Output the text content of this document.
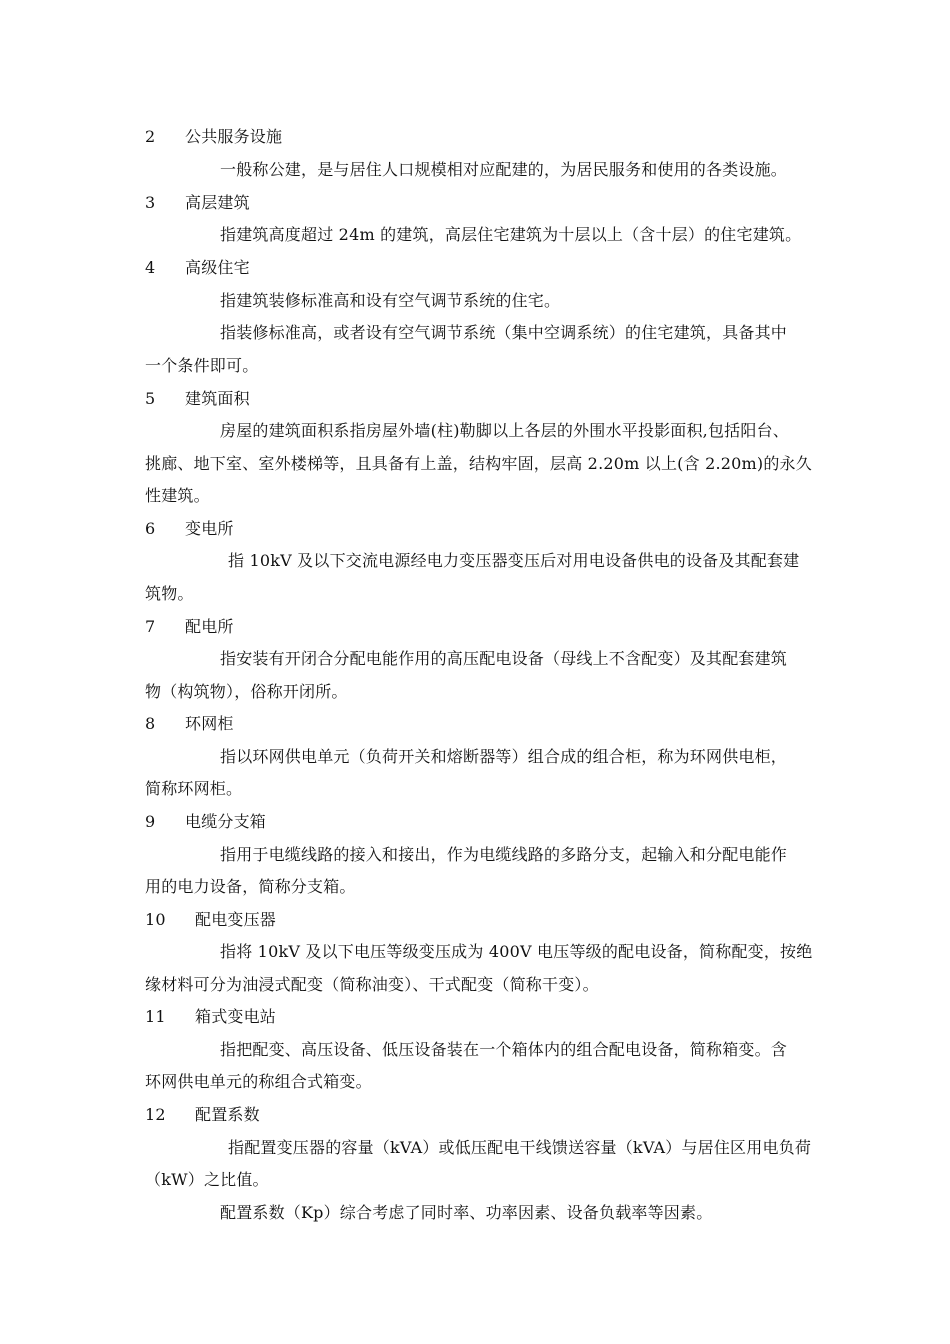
2 公共服务设施
一般称公建，是与居住人口规模相对应配建的，为居民服务和使用的各类设施。
3 高层建筑
指建筑高度超过 24m 的建筑，高层住宅建筑为十层以上（含十层）的住宅建筑。
4 高级住宅
指建筑装修标准高和设有空气调节系统的住宅。
指装修标准高，或者设有空气调节系统（集中空调系统）的住宅建筑，具备其中
一个条件即可。
5 建筑面积
房屋的建筑面积系指房屋外墙(柱)勒脚以上各层的外围水平投影面积,包括阳台、
挑廊、地下室、室外楼梯等，且具备有上盖，结构牢固，层高 2.20m 以上(含 2.20m)的永久
性建筑。
6 变电所
指 10kV 及以下交流电源经电力变压器变压后对用电设备供电的设备及其配套建
筑物。
7 配电所
指安装有开闭合分配电能作用的高压配电设备（母线上不含配变）及其配套建筑
物（构筑物），俗称开闭所。
8 环网柜
指以环网供电单元（负荷开关和熔断器等）组合成的组合柜，称为环网供电柜，
简称环网柜。
9 电缆分支箱
指用于电缆线路的接入和接出，作为电缆线路的多路分支，起输入和分配电能作
用的电力设备，简称分支箱。
10 配电变压器
指将 10kV 及以下电压等级变压成为 400V 电压等级的配电设备，简称配变，按绝
缘材料可分为油浸式配变（简称油变）、干式配变（简称干变）。
11 箱式变电站
指把配变、高压设备、低压设备装在一个箱体内的组合配电设备，简称箱变。含
环网供电单元的称组合式箱变。
12 配置系数
指配置变压器的容量（kVA）或低压配电干线馈送容量（kVA）与居住区用电负荷
（kW）之比值。
配置系数（Kp）综合考虑了同时率、功率因素、设备负载率等因素。
